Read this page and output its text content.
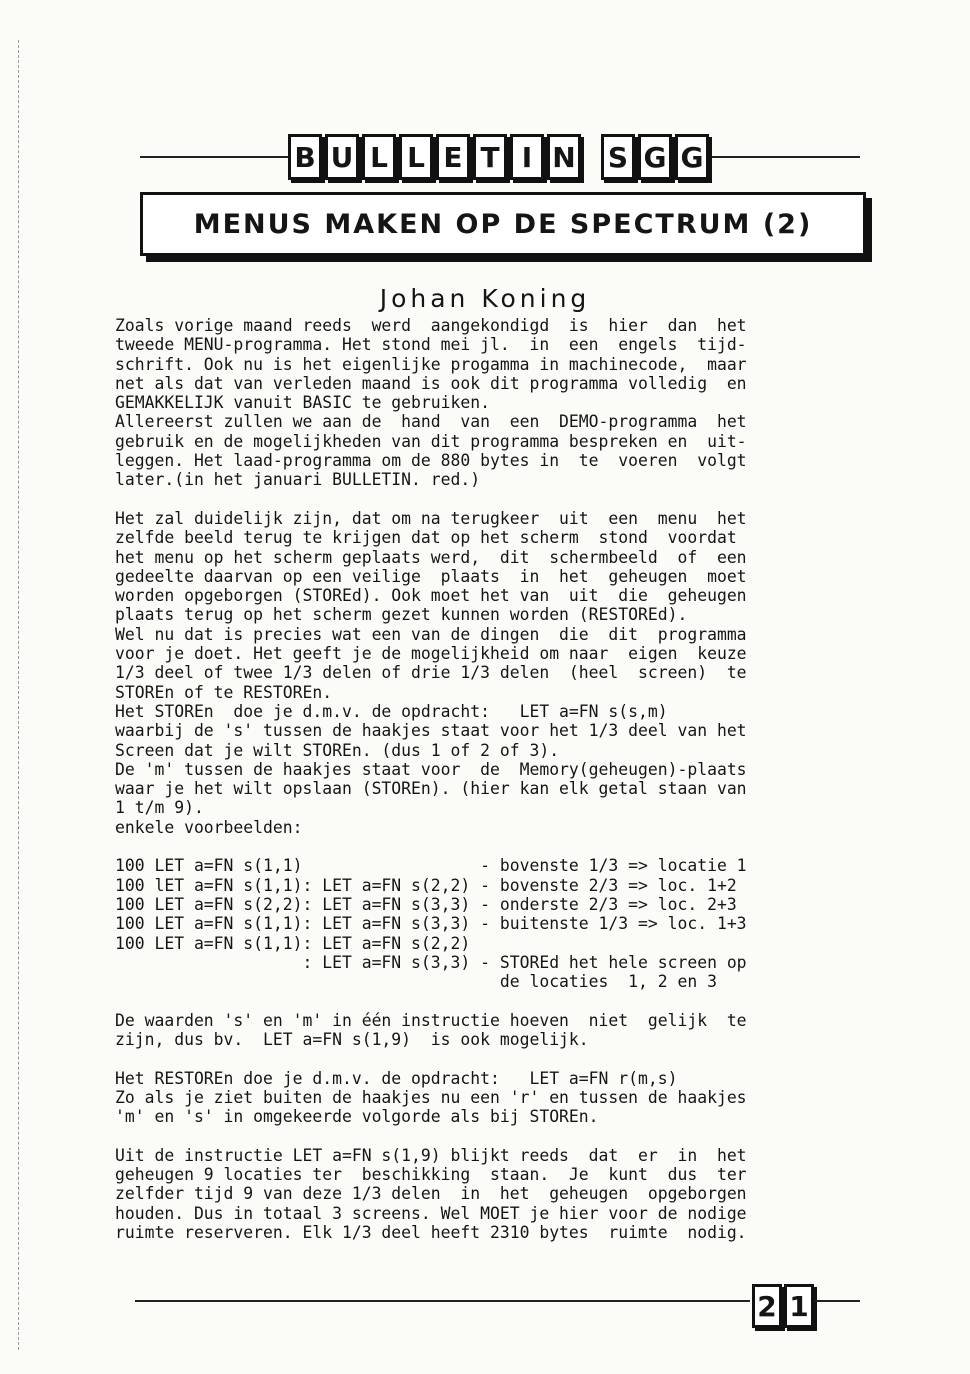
B U L L E T I N S G G
MENUS MAKEN OP DE SPECTRUM (2)
Johan Koning

Zoals vorige maand reeds  werd  aangekondigd  is  hier  dan  het
tweede MENU-programma. Het stond mei jl.  in  een  engels  tijd-
schrift. Ook nu is het eigenlijke progamma in machinecode,  maar
net als dat van verleden maand is ook dit programma volledig  en
GEMAKKELIJK vanuit BASIC te gebruiken.

Allereerst zullen we aan de  hand  van  een  DEMO-programma  het
gebruik en de mogelijkheden van dit programma bespreken en  uit-
leggen. Het laad-programma om de 880 bytes in  te  voeren  volgt
later.(in het januari BULLETIN. red.)

Het zal duidelijk zijn, dat om na terugkeer  uit  een  menu  het
zelfde beeld terug te krijgen dat op het scherm  stond  voordat
het menu op het scherm geplaats werd,  dit  schermbeeld  of  een
gedeelte daarvan op een veilige  plaats  in  het  geheugen  moet
worden opgeborgen (STOREd). Ook moet het van  uit  die  geheugen
plaats terug op het scherm gezet kunnen worden (RESTOREd).
Wel nu dat is precies wat een van de dingen  die  dit  programma
voor je doet. Het geeft je de mogelijkheid om naar  eigen  keuze
1/3 deel of twee 1/3 delen of drie 1/3 delen  (heel  screen)  te
STOREn of te RESTOREn.
Het STOREn  doe je d.m.v. de opdracht:   LET a=FN s(s,m)
waarbij de 's' tussen de haakjes staat voor het 1/3 deel van het
Screen dat je wilt STOREn. (dus 1 of 2 of 3).
De 'm' tussen de haakjes staat voor  de  Memory(geheugen)-plaats
waar je het wilt opslaan (STOREn). (hier kan elk getal staan van
1 t/m 9).
enkele voorbeelden:

100 LET a=FN s(1,1)                  - bovenste 1/3 => locatie 1
100 lET a=FN s(1,1): LET a=FN s(2,2) - bovenste 2/3 => loc. 1+2
100 LET a=FN s(2,2): LET a=FN s(3,3) - onderste 2/3 => loc. 2+3
100 LET a=FN s(1,1): LET a=FN s(3,3) - buitenste 1/3 => loc. 1+3
100 LET a=FN s(1,1): LET a=FN s(2,2)
: LET a=FN s(3,3) - STOREd het hele screen op
de locaties  1, 2 en 3

De waarden 's' en 'm' in één instructie hoeven  niet  gelijk  te
zijn, dus bv.  LET a=FN s(1,9)  is ook mogelijk.

Het RESTOREn doe je d.m.v. de opdracht:   LET a=FN r(m,s)
Zo als je ziet buiten de haakjes nu een 'r' en tussen de haakjes
'm' en 's' in omgekeerde volgorde als bij STOREn.

Uit de instructie LET a=FN s(1,9) blijkt reeds  dat  er  in  het
geheugen 9 locaties ter  beschikking  staan.  Je  kunt  dus  ter
zelfder tijd 9 van deze 1/3 delen  in  het  geheugen  opgeborgen
houden. Dus in totaal 3 screens. Wel MOET je hier voor de nodige
ruimte reserveren. Elk 1/3 deel heeft 2310 bytes  ruimte  nodig.

2 1
